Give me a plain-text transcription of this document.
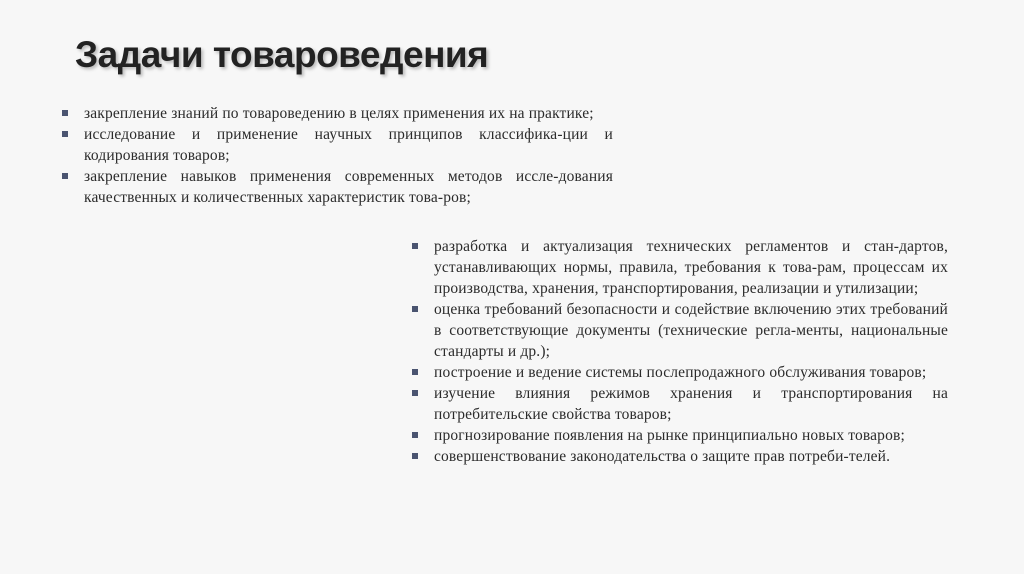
Задачи товароведения
закрепление знаний по товароведению в целях применения их на практике;
исследование и применение научных принципов классифика-ции и кодирования товаров;
закрепление навыков применения современных методов иссле-дования качественных и количественных характеристик това-ров;
разработка и актуализация технических регламентов и стан-дартов, устанавливающих нормы, правила, требования к това-рам, процессам их производства, хранения, транспортирования, реализации и утилизации;
оценка требований безопасности и содействие включению этих требований в соответствующие документы (технические регла-менты, национальные стандарты и др.);
построение и ведение системы послепродажного обслуживания товаров;
изучение влияния режимов хранения и транспортирования на потребительские свойства товаров;
прогнозирование появления на рынке принципиально новых товаров;
совершенствование законодательства о защите прав потреби-телей.
